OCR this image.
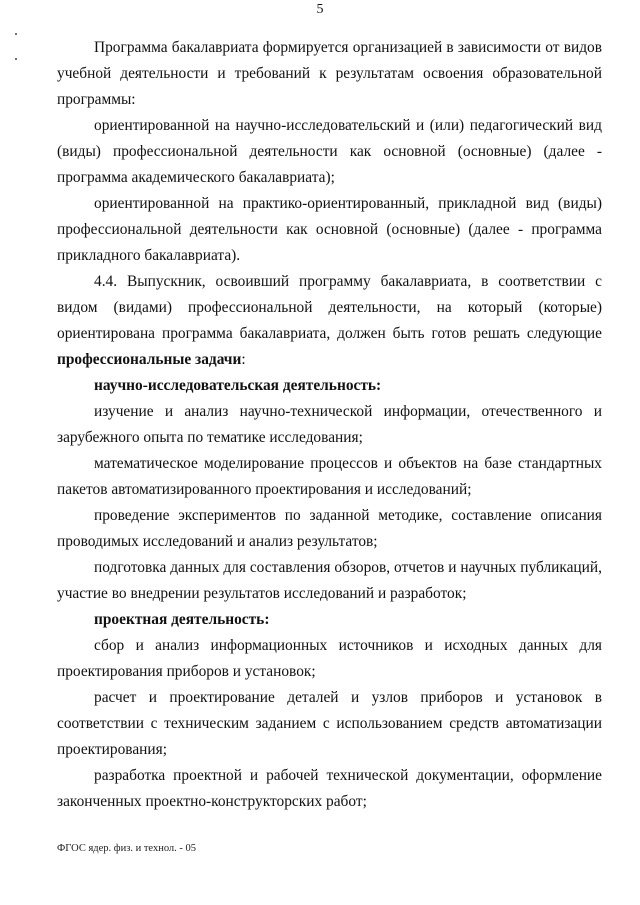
5

Программа бакалавриата формируется организацией в зависимости от видов учебной деятельности и требований к результатам освоения образовательной программы:

ориентированной на научно-исследовательский и (или) педагогический вид (виды) профессиональной деятельности как основной (основные) (далее - программа академического бакалавриата);

ориентированной на практико-ориентированный, прикладной вид (виды) профессиональной деятельности как основной (основные) (далее - программа прикладного бакалавриата).

4.4. Выпускник, освоивший программу бакалавриата, в соответствии с видом (видами) профессиональной деятельности, на который (которые) ориентирована программа бакалавриата, должен быть готов решать следующие профессиональные задачи:

научно-исследовательская деятельность:

изучение и анализ научно-технической информации, отечественного и зарубежного опыта по тематике исследования;

математическое моделирование процессов и объектов на базе стандартных пакетов автоматизированного проектирования и исследований;

проведение экспериментов по заданной методике, составление описания проводимых исследований и анализ результатов;

подготовка данных для составления обзоров, отчетов и научных публикаций, участие во внедрении результатов исследований и разработок;

проектная деятельность:

сбор и анализ информационных источников и исходных данных для проектирования приборов и установок;

расчет и проектирование деталей и узлов приборов и установок в соответствии с техническим заданием с использованием средств автоматизации проектирования;

разработка проектной и рабочей технической документации, оформление законченных проектно-конструкторских работ;

ФГОС ядер. физ. и технол. - 05
